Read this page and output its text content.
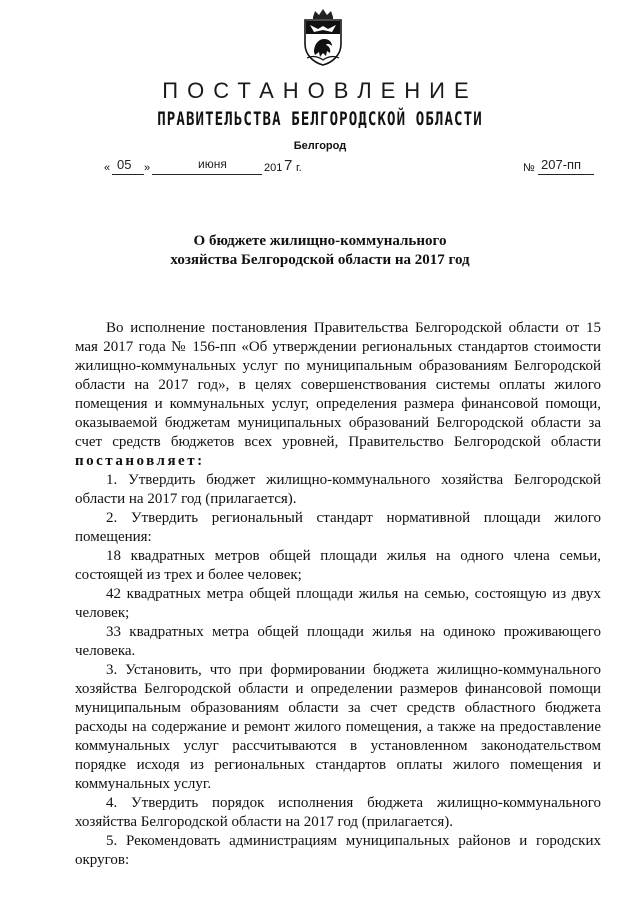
ПОСТАНОВЛЕНИЕ
ПРАВИТЕЛЬСТВА БЕЛГОРОДСКОЙ ОБЛАСТИ
Белгород
« 05 »	июня	201 7 г.	№ 207-пп
О бюджете жилищно-коммунального
хозяйства Белгородской области на 2017 год

Во исполнение постановления Правительства Белгородской области от 15 мая 2017 года № 156-пп «Об утверждении региональных стандартов стоимости жилищно-коммунальных услуг по муниципальным образованиям Белгородской области на 2017 год», в целях совершенствования системы оплаты жилого помещения и коммунальных услуг, определения размера финансовой помощи, оказываемой бюджетам муниципальных образований Белгородской области за счет средств бюджетов всех уровней, Правительство Белгородской области постановляет:

1. Утвердить бюджет жилищно-коммунального хозяйства Белгородской области на 2017 год (прилагается).

2. Утвердить региональный стандарт нормативной площади жилого помещения:

18 квадратных метров общей площади жилья на одного члена семьи, состоящей из трех и более человек;

42 квадратных метра общей площади жилья на семью, состоящую из двух человек;

33 квадратных метра общей площади жилья на одиноко проживающего человека.

3. Установить, что при формировании бюджета жилищно-коммунального хозяйства Белгородской области и определении размеров финансовой помощи муниципальным образованиям области за счет средств областного бюджета расходы на содержание и ремонт жилого помещения, а также на предоставление коммунальных услуг рассчитываются в установленном законодательством порядке исходя из региональных стандартов оплаты жилого помещения и коммунальных услуг.

4. Утвердить порядок исполнения бюджета жилищно-коммунального хозяйства Белгородской области на 2017 год (прилагается).

5. Рекомендовать администрациям муниципальных районов и городских округов:
